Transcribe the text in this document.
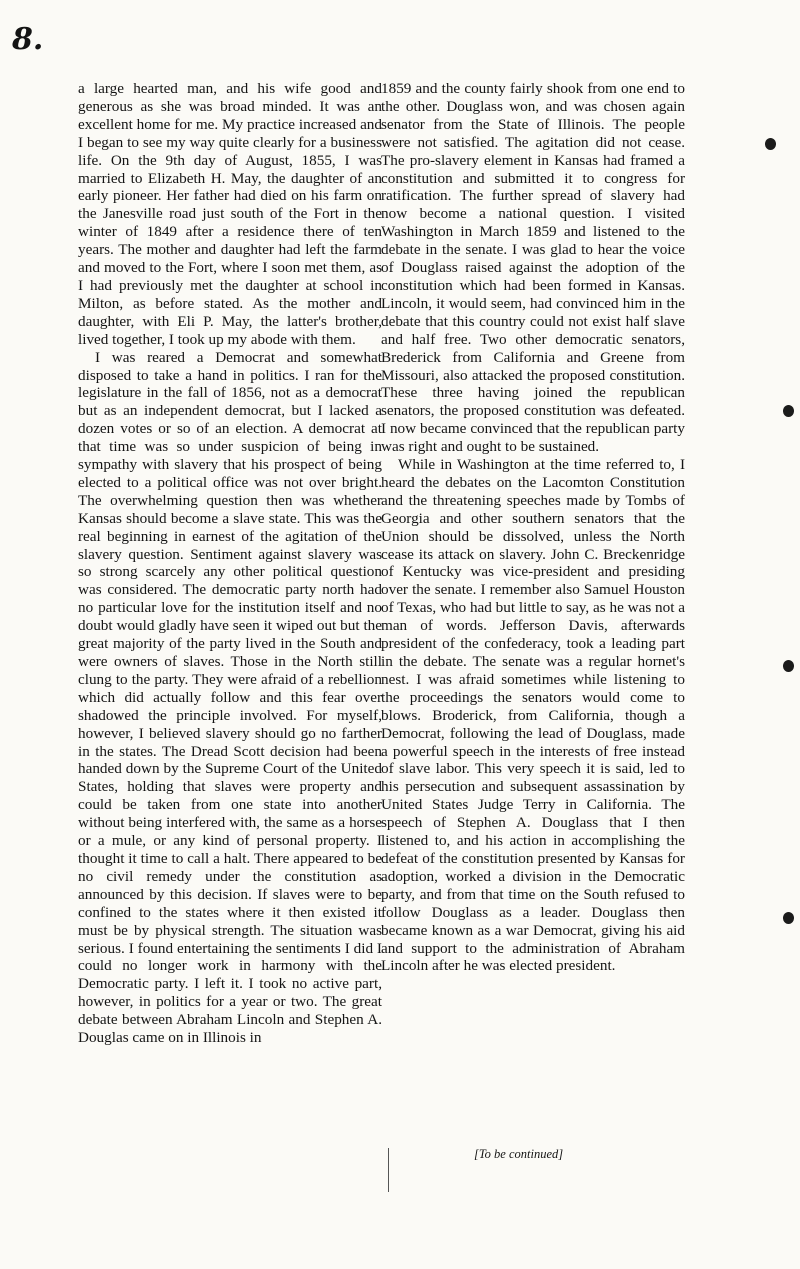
8.

a large hearted man, and his wife good and generous as she was broad minded. It was an excellent home for me. My practice increased and I began to see my way quite clearly for a business life. On the 9th day of August, 1855, I was married to Elizabeth H. May, the daughter of an early pioneer. Her father had died on his farm on the Janesville road just south of the Fort in the winter of 1849 after a residence there of ten years. The mother and daughter had left the farm and moved to the Fort, where I soon met them, as I had previously met the daughter at school in Milton, as before stated. As the mother and daughter, with Eli P. May, the latter's brother, lived together, I took up my abode with them.

I was reared a Democrat and somewhat disposed to take a hand in politics. I ran for the legislature in the fall of 1856, not as a democrat but as an independent democrat, but I lacked a dozen votes or so of an election. A democrat at that time was so under suspicion of being in sympathy with slavery that his prospect of being elected to a political office was not over bright. The overwhelming question then was whether Kansas should become a slave state. This was the real beginning in earnest of the agitation of the slavery question. Sentiment against slavery was so strong scarcely any other political question was considered. The democratic party north had no particular love for the institution itself and no doubt would gladly have seen it wiped out but the great majority of the party lived in the South and were owners of slaves. Those in the North still clung to the party. They were afraid of a rebellion which did actually follow and this fear over shadowed the principle involved. For myself, however, I believed slavery should go no farther in the states. The Dread Scott decision had been handed down by the Supreme Court of the United States, holding that slaves were property and could be taken from one state into another without being interfered with, the same as a horse or a mule, or any kind of personal property. I thought it time to call a halt. There appeared to be no civil remedy under the constitution as announced by this decision. If slaves were to be confined to the states where it then existed it must be by physical strength. The situation was serious. I found entertaining the sentiments I did I could no longer work in harmony with the Democratic party. I left it. I took no active part, however, in politics for a year or two. The great debate between Abraham Lincoln and Stephen A. Douglas came on in Illinois in

1859 and the county fairly shook from one end to the other. Douglass won, and was chosen again senator from the State of Illinois. The people were not satisfied. The agitation did not cease. The pro-slavery element in Kansas had framed a constitution and submitted it to congress for ratification. The further spread of slavery had now become a national question. I visited Washington in March 1859 and listened to the debate in the senate. I was glad to hear the voice of Douglass raised against the adoption of the constitution which had been formed in Kansas. Lincoln, it would seem, had convinced him in the debate that this country could not exist half slave and half free. Two other democratic senators, Brederick from California and Greene from Missouri, also attacked the proposed constitution. These three having joined the republican senators, the proposed constitution was defeated. I now became convinced that the republican party was right and ought to be sustained.

While in Washington at the time referred to, I heard the debates on the Lacomton Constitution and the threatening speeches made by Tombs of Georgia and other southern senators that the Union should be dissolved, unless the North cease its attack on slavery. John C. Breckenridge of Kentucky was vice-president and presiding over the senate. I remember also Samuel Houston of Texas, who had but little to say, as he was not a man of words. Jefferson Davis, afterwards president of the confederacy, took a leading part in the debate. The senate was a regular hornet's nest. I was afraid sometimes while listening to the proceedings the senators would come to blows. Broderick, from California, though a Democrat, following the lead of Douglass, made a powerful speech in the interests of free instead of slave labor. This very speech it is said, led to his persecution and subsequent assassination by United States Judge Terry in California. The speech of Stephen A. Douglass that I then listened to, and his action in accomplishing the defeat of the constitution presented by Kansas for adoption, worked a division in the Democratic party, and from that time on the South refused to follow Douglass as a leader. Douglass then became known as a war Democrat, giving his aid and support to the administration of Abraham Lincoln after he was elected president.

[To be continued]
